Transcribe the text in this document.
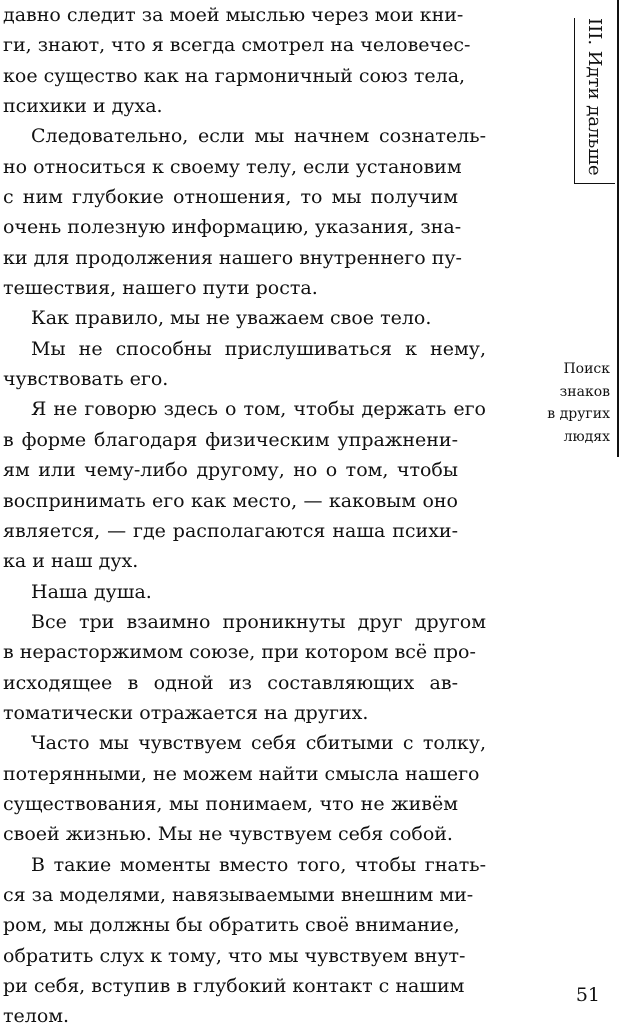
давно следит за моей мыслью через мои кни-
ги, знают, что я всегда смотрел на человечес-
кое существо как на гармоничный союз тела,
психики и духа.
Следовательно, если мы начнем сознатель-
но относиться к своему телу, если установим
с ним глубокие отношения, то мы получим
очень полезную информацию, указания, зна-
ки для продолжения нашего внутреннего пу-
тешествия, нашего пути роста.
Как правило, мы не уважаем свое тело.
Мы не способны прислушиваться к нему,
чувствовать его.
Я не говорю здесь о том, чтобы держать его
в форме благодаря физическим упражнени-
ям или чему-либо другому, но о том, чтобы
воспринимать его как место, — каковым оно
является, — где располагаются наша психи-
ка и наш дух.
Наша душа.
Все три взаимно проникнуты друг другом
в нерасторжимом союзе, при котором всё про-
исходящее в одной из составляющих ав-
томатически отражается на других.
Часто мы чувствуем себя сбитыми с толку,
потерянными, не можем найти смысла нашего
существования, мы понимаем, что не живём
своей жизнью. Мы не чувствуем себя собой.
В такие моменты вместо того, чтобы гнать-
ся за моделями, навязываемыми внешним ми-
ром, мы должны бы обратить своё внимание,
обратить слух к тому, что мы чувствуем внут-
ри себя, вступив в глубокий контакт с нашим
телом.
III. Идти дальше
Поиск
знаков
в других
людях
51
